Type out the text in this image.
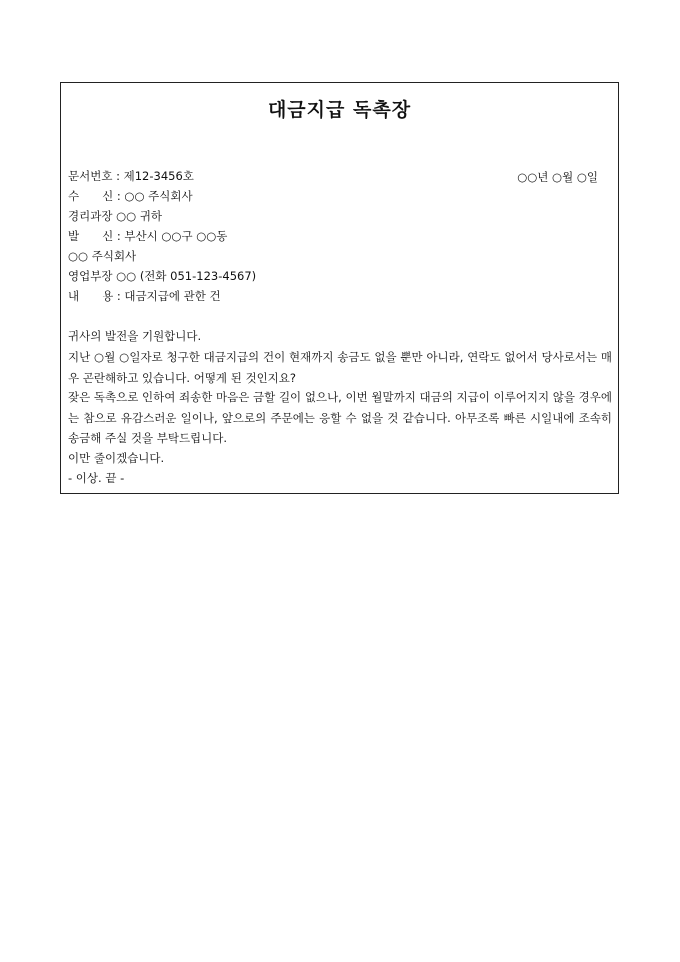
대금지급 독촉장
○○년 ○월 ○일
문서번호 : 제12-3456호
수　　신 : ○○ 주식회사
경리과장 ○○ 귀하
발　　신 : 부산시 ○○구 ○○동
○○ 주식회사
영업부장 ○○ (전화 051-123-4567)
내　　용 : 대금지급에 관한 건
귀사의 발전을 기원합니다.
지난 ○월 ○일자로 청구한 대금지급의 건이 현재까지 송금도 없을 뿐만 아니라, 연락도 없어서 당사로서는 매우 곤란해하고 있습니다. 어떻게 된 것인지요?
잦은 독촉으로 인하여 죄송한 마음은 금할 길이 없으나, 이번 월말까지 대금의 지급이 이루어지지 않을 경우에는 참으로 유감스러운 일이나, 앞으로의 주문에는 응할 수 없을 것 같습니다. 아무조록 빠른 시일내에 조속히 송금해 주실 것을 부탁드립니다.
이만 줄이겠습니다.
- 이상. 끝 -
